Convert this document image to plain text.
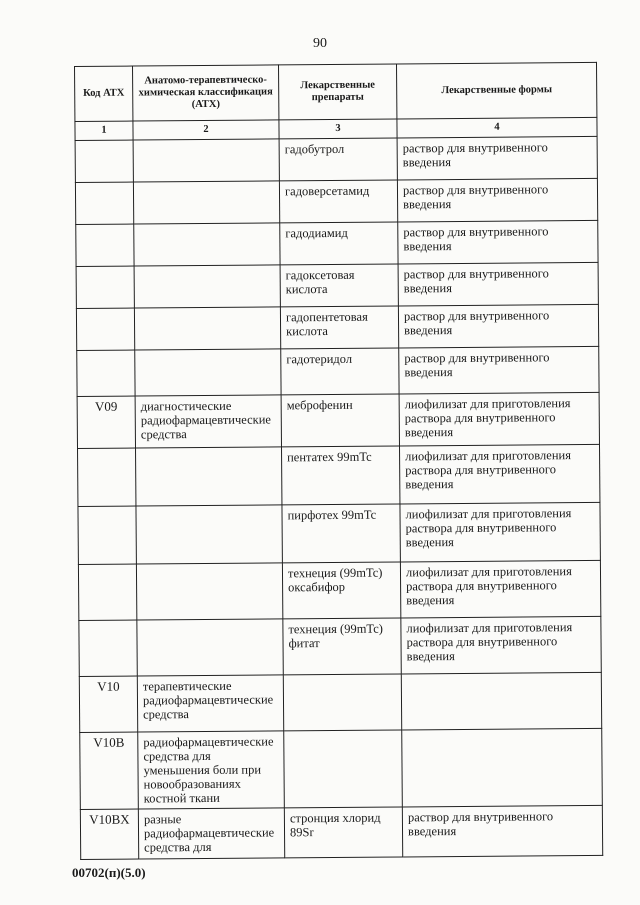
90
Код АТХ	Анатомо-терапевтическо-химическая классификация (АТХ)	Лекарственные препараты	Лекарственные формы
1	2	3	4
		гадобутрол	раствор для внутривенного введения
		гадоверсетамид	раствор для внутривенного введения
		гадодиамид	раствор для внутривенного введения
		гадоксетовая кислота	раствор для внутривенного введения
		гадопентетовая кислота	раствор для внутривенного введения
		гадотеридол	раствор для внутривенного введения
V09	диагностические радиофармацевтические средства	меброфенин	лиофилизат для приготовления раствора для внутривенного введения
		пентатех 99mTc	лиофилизат для приготовления раствора для внутривенного введения
		пирфотех 99mTc	лиофилизат для приготовления раствора для внутривенного введения
		технеция (99mTc) оксабифор	лиофилизат для приготовления раствора для внутривенного введения
		технеция (99mTc) фитат	лиофилизат для приготовления раствора для внутривенного введения
V10	терапевтические радиофармацевтические средства		
V10B	радиофармацевтические средства для уменьшения боли при новообразованиях костной ткани		
V10BX	разные радиофармацевтические средства для	стронция хлорид 89Sr	раствор для внутривенного введения
00702(п)(5.0)
